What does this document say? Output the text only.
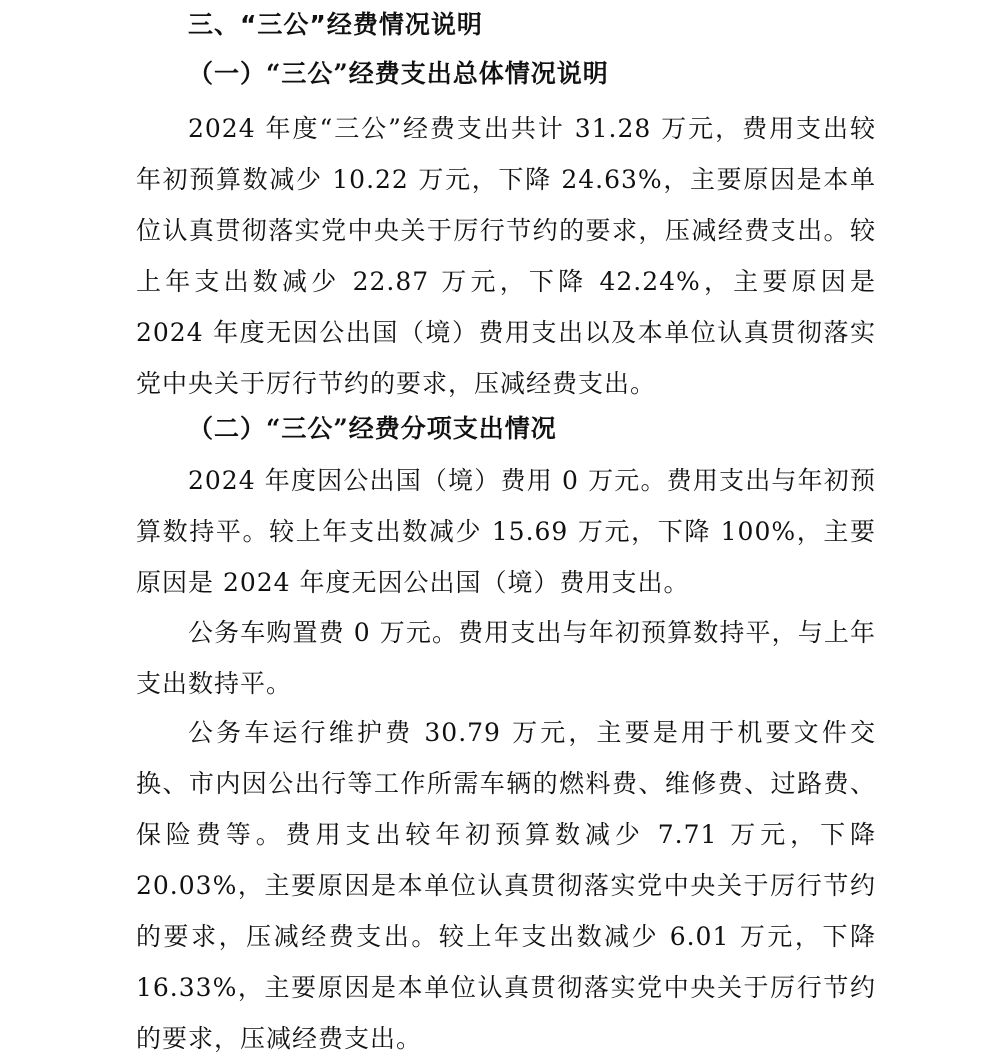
三、“三公”经费情况说明
（一）“三公”经费支出总体情况说明

2024 年度“三公”经费支出共计 31.28 万元，费用支出较年初预算数减少 10.22 万元，下降 24.63%，主要原因是本单位认真贯彻落实党中央关于厉行节约的要求，压减经费支出。较上年支出数减少 22.87 万元，下降 42.24%，主要原因是 2024 年度无因公出国（境）费用支出以及本单位认真贯彻落实党中央关于厉行节约的要求，压减经费支出。

（二）“三公”经费分项支出情况

2024 年度因公出国（境）费用 0 万元。费用支出与年初预算数持平。较上年支出数减少 15.69 万元，下降 100%，主要原因是 2024 年度无因公出国（境）费用支出。

公务车购置费 0 万元。费用支出与年初预算数持平，与上年支出数持平。

公务车运行维护费 30.79 万元，主要是用于机要文件交换、市内因公出行等工作所需车辆的燃料费、维修费、过路费、保险费等。费用支出较年初预算数减少 7.71 万元，下降 20.03%，主要原因是本单位认真贯彻落实党中央关于厉行节约的要求，压减经费支出。较上年支出数减少 6.01 万元，下降 16.33%，主要原因是本单位认真贯彻落实党中央关于厉行节约的要求，压减经费支出。
